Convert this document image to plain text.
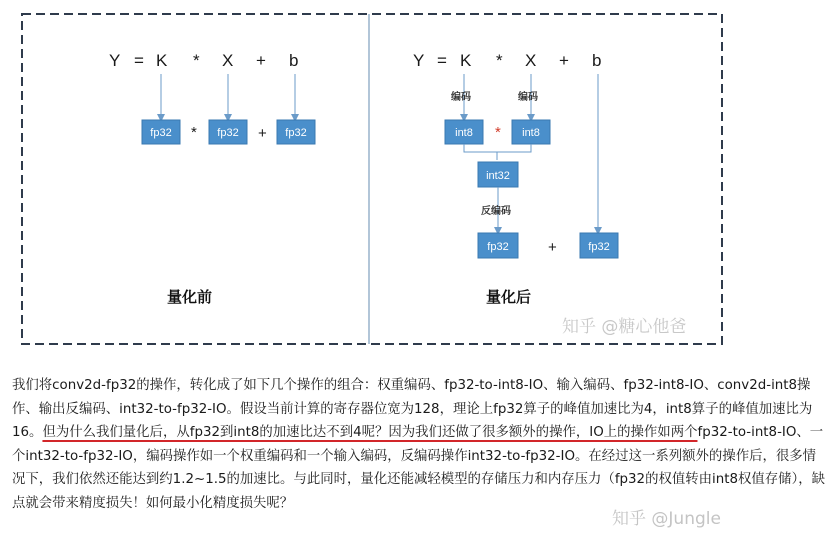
Y = K * X + b
fp32	fp32	fp32
*	+
量化前
Y = K * X + b
编码	编码
int8	int8
*
int32
反编码
fp32	+	fp32
量化后
知乎 @糖心他爸

我们将conv2d-fp32的操作，转化成了如下几个操作的组合：权重编码、fp32-to-int8-IO、输入编码、fp32-int8-IO、conv2d-int8操作、输出反编码、int32-to-fp32-IO。假设当前计算的寄存器位宽为128，理论上fp32算子的峰值加速比为4，int8算子的峰值加速比为16。但为什么我们量化后，从fp32到int8的加速比达不到4呢？因为我们还做了很多额外的操作，IO上的操作如两个fp32-to-int8-IO、一个int32-to-fp32-IO，编码操作如一个权重编码和一个输入编码，反编码操作int32-to-fp32-IO。在经过这一系列额外的操作后，很多情况下，我们依然还能达到约1.2~1.5的加速比。与此同时，量化还能减轻模型的存储压力和内存压力（fp32的权值转由int8权值存储），缺点就会带来精度损失！如何最小化精度损失呢？

知乎 @Jungle
